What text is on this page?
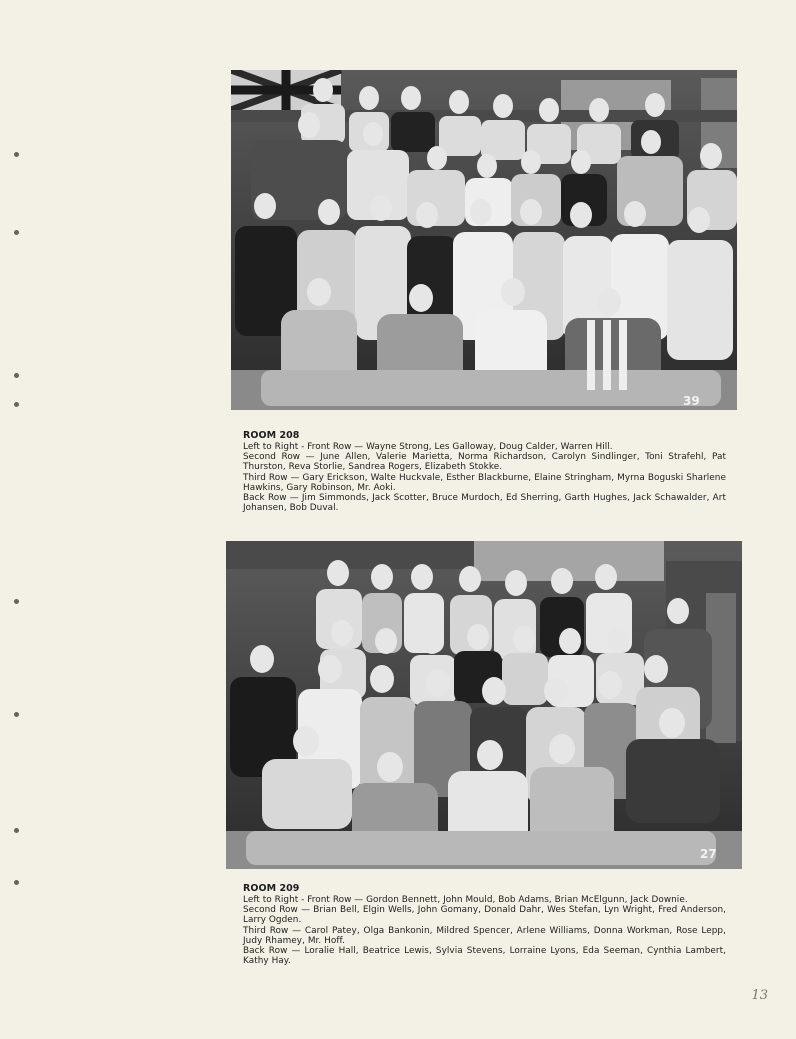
39
ROOM 208
Left to Right - Front Row — Wayne Strong, Les Galloway, Doug Calder, Warren Hill.
Second Row — June Allen, Valerie Marietta, Norma Richardson, Carolyn Sindlinger, Toni Strafehl, Pat Thurston, Reva Storlie, Sandrea Rogers, Elizabeth Stokke.
Third Row — Gary Erickson, Walte Huckvale, Esther Blackburne, Elaine Stringham, Myrna Boguski Sharlene Hawkins, Gary Robinson, Mr. Aoki.
Back Row — Jim Simmonds, Jack Scotter, Bruce Murdoch, Ed Sherring, Garth Hughes, Jack Schawalder, Art Johansen, Bob Duval.
27
ROOM 209
Left to Right - Front Row — Gordon Bennett, John Mould, Bob Adams, Brian McElgunn, Jack Downie.
Second Row — Brian Bell, Elgin Wells, John Gomany, Donald Dahr, Wes Stefan, Lyn Wright, Fred Anderson, Larry Ogden.
Third Row — Carol Patey, Olga Bankonin, Mildred Spencer, Arlene Williams, Donna Workman, Rose Lepp, Judy Rhamey, Mr. Hoff.
Back Row — Loralie Hall, Beatrice Lewis, Sylvia Stevens, Lorraine Lyons, Eda Seeman, Cynthia Lambert, Kathy Hay.
13
